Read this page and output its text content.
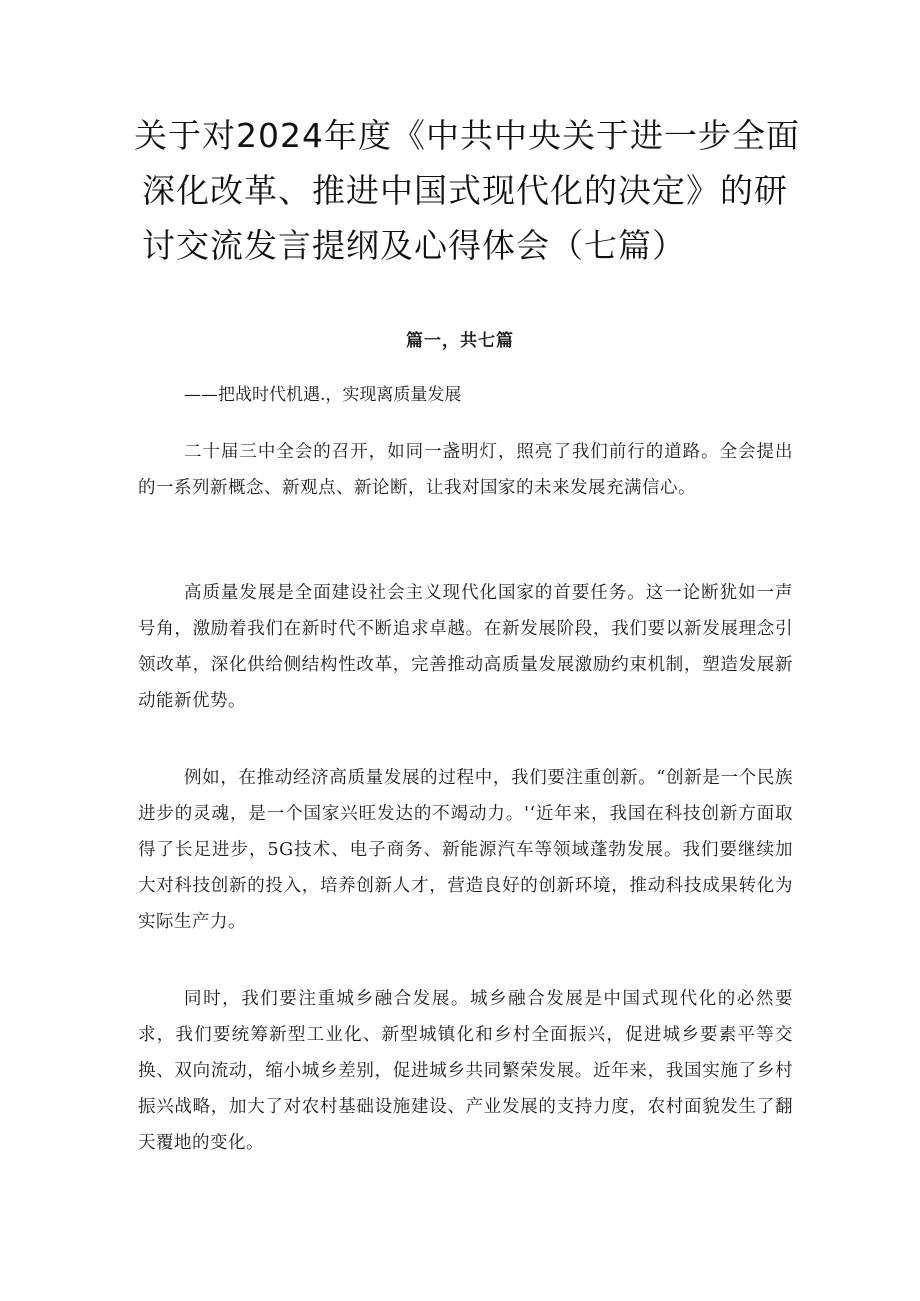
关于对2024年度《中共中央关于进一步全面
深化改革、推进中国式现代化的决定》的研
讨交流发言提纲及心得体会（七篇）
篇一，共七篇

——把战时代机遇.，实现离质量发展

二十届三中全会的召开，如同一盏明灯，照亮了我们前行的道路。全会提出的一系列新概念、新观点、新论断，让我对国家的未来发展充满信心。

高质量发展是全面建设社会主义现代化国家的首要任务。这一论断犹如一声号角，激励着我们在新时代不断追求卓越。在新发展阶段，我们要以新发展理念引领改革，深化供给侧结构性改革，完善推动高质量发展激励约束机制，塑造发展新动能新优势。

例如，在推动经济高质量发展的过程中，我们要注重创新。“创新是一个民族进步的灵魂，是一个国家兴旺发达的不竭动力。'‘近年来，我国在科技创新方面取得了长足进步，5G技术、电子商务、新能源汽车等领域蓬勃发展。我们要继续加大对科技创新的投入，培养创新人才，营造良好的创新环境，推动科技成果转化为实际生产力。

同时，我们要注重城乡融合发展。城乡融合发展是中国式现代化的必然要求，我们要统筹新型工业化、新型城镇化和乡村全面振兴，促进城乡要素平等交换、双向流动，缩小城乡差别，促进城乡共同繁荣发展。近年来，我国实施了乡村振兴战略，加大了对农村基础设施建设、产业发展的支持力度，农村面貌发生了翻天覆地的变化。
